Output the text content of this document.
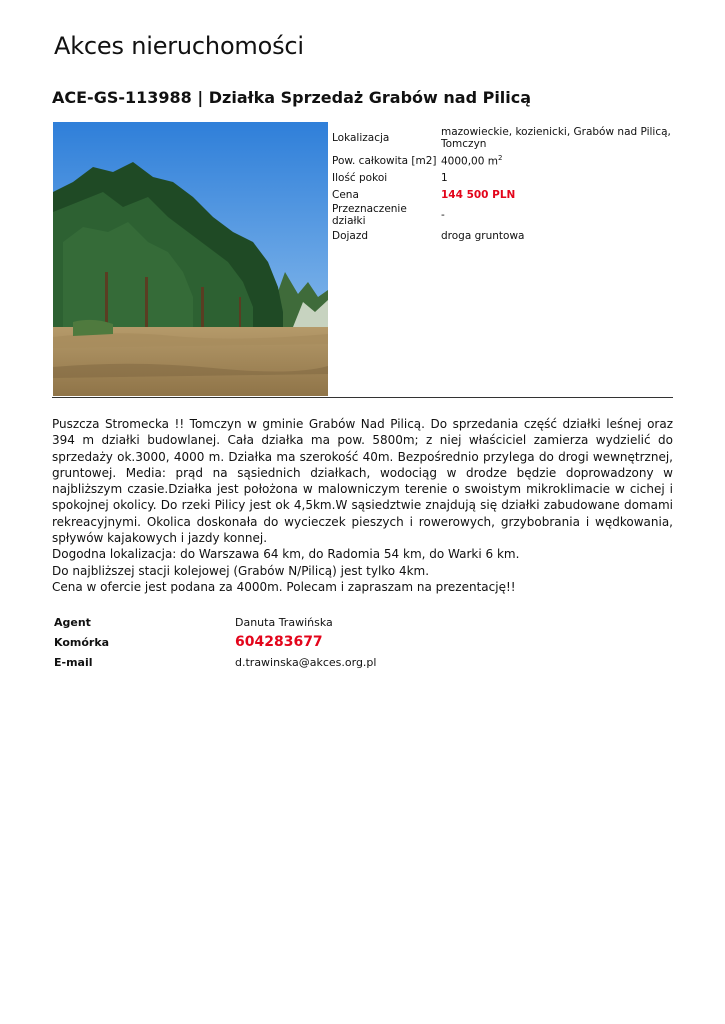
Akces nieruchomości
ACE-GS-113988 | Działka Sprzedaż Grabów nad Pilicą
Lokalizacja	mazowieckie, kozienicki, Grabów nad Pilicą, Tomczyn
Pow. całkowita [m2]	4000,00 $m^2$
Ilość pokoi	1
Cena	144 500 PLN
Przeznaczenie działki	-
Dojazd	droga gruntowa

Puszcza Stromecka !! Tomczyn w gminie Grabów Nad Pilicą. Do sprzedania część działki leśnej oraz 394 m działki budowlanej. Cała działka ma pow. 5800m; z niej właściciel zamierza wydzielić do sprzedaży ok.3000, 4000 m. Działka ma szerokość 40m. Bezpośrednio przylega do drogi wewnętrznej, gruntowej. Media: prąd na sąsiednich działkach, wodociąg w drodze będzie doprowadzony w najbliższym czasie.Działka jest położona w malowniczym terenie o swoistym mikroklimacie w cichej i spokojnej okolicy. Do rzeki Pilicy jest ok 4,5km.W sąsiedztwie znajdują się działki zabudowane domami rekreacyjnymi. Okolica doskonała do wycieczek pieszych i rowerowych, grzybobrania i wędkowania, spływów kajakowych i jazdy konnej.

Dogodna lokalizacja: do Warszawa 64 km, do Radomia 54 km, do Warki 6 km.

Do najbliższej stacji kolejowej (Grabów N/Pilicą) jest tylko 4km.

Cena w ofercie jest podana za 4000m. Polecam i zapraszam na prezentację!!

Agent	Danuta Trawińska
Komórka	604283677
E-mail	d.trawinska@akces.org.pl
